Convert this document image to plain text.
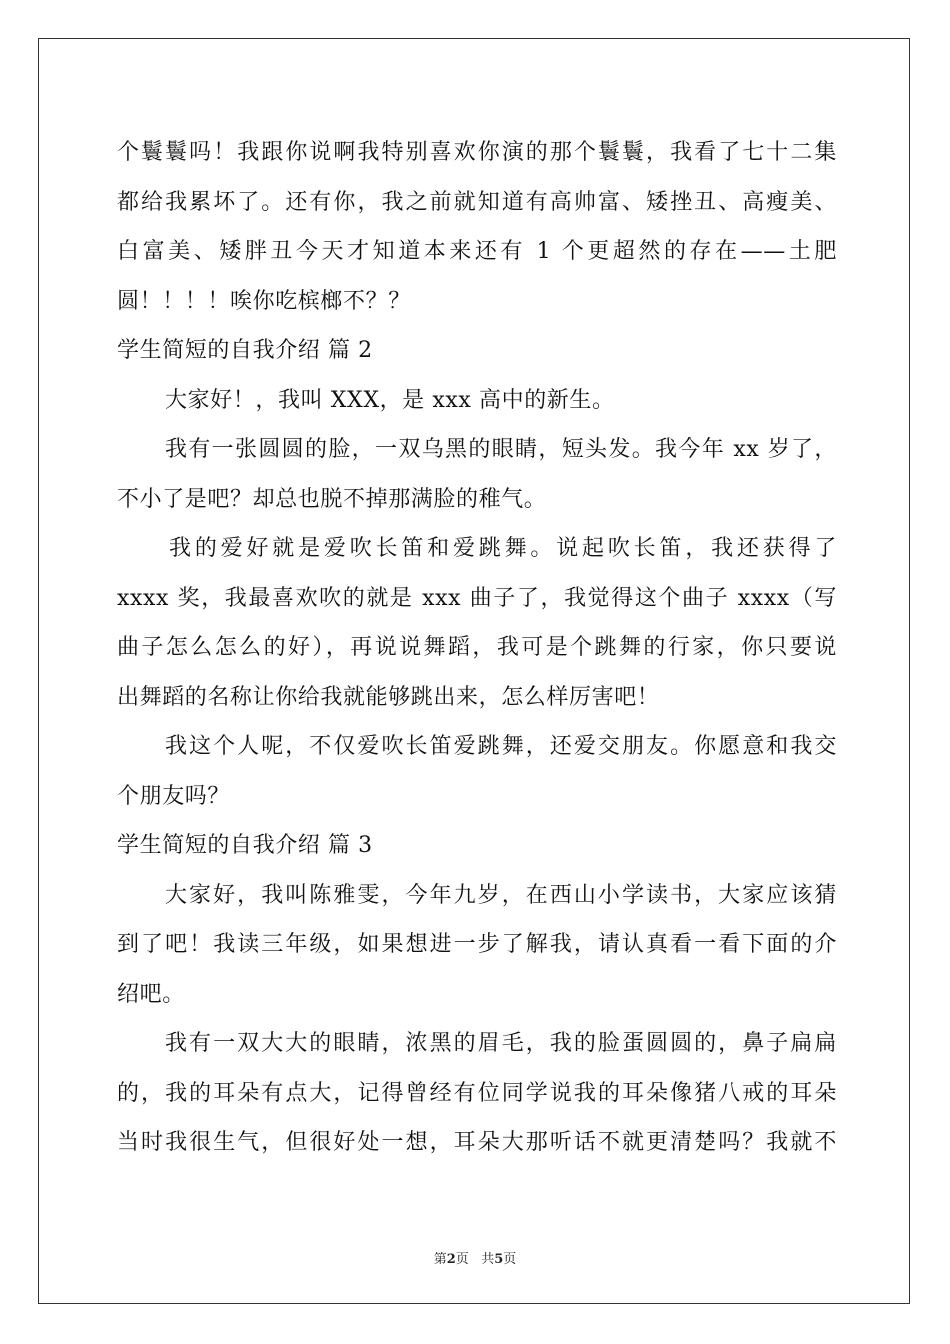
个鬟鬟吗！我跟你说啊我特别喜欢你演的那个鬟鬟，我看了七十二集
都给我累坏了。还有你，我之前就知道有高帅富、矮挫丑、高瘦美、
白富美、矮胖丑今天才知道本来还有 1 个更超然的存在——土肥
圆！！！！唉你吃槟榔不？？
学生简短的自我介绍 篇 2
大家好！，我叫 XXX，是 xxx 高中的新生。
我有一张圆圆的脸，一双乌黑的眼睛，短头发。我今年 xx 岁了，
不小了是吧？却总也脱不掉那满脸的稚气。
我的爱好就是爱吹长笛和爱跳舞。说起吹长笛，我还获得了
xxxx 奖，我最喜欢吹的就是 xxx 曲子了，我觉得这个曲子 xxxx（写
曲子怎么怎么的好），再说说舞蹈，我可是个跳舞的行家，你只要说
出舞蹈的名称让你给我就能够跳出来，怎么样厉害吧！
我这个人呢，不仅爱吹长笛爱跳舞，还爱交朋友。你愿意和我交
个朋友吗？
学生简短的自我介绍 篇 3
大家好，我叫陈雅雯，今年九岁，在西山小学读书，大家应该猜
到了吧！我读三年级，如果想进一步了解我，请认真看一看下面的介
绍吧。
我有一双大大的眼睛，浓黑的眉毛，我的脸蛋圆圆的，鼻子扁扁
的，我的耳朵有点大，记得曾经有位同学说我的耳朵像猪八戒的耳朵
当时我很生气，但很好处一想，耳朵大那听话不就更清楚吗？我就不
第2页 共5页
